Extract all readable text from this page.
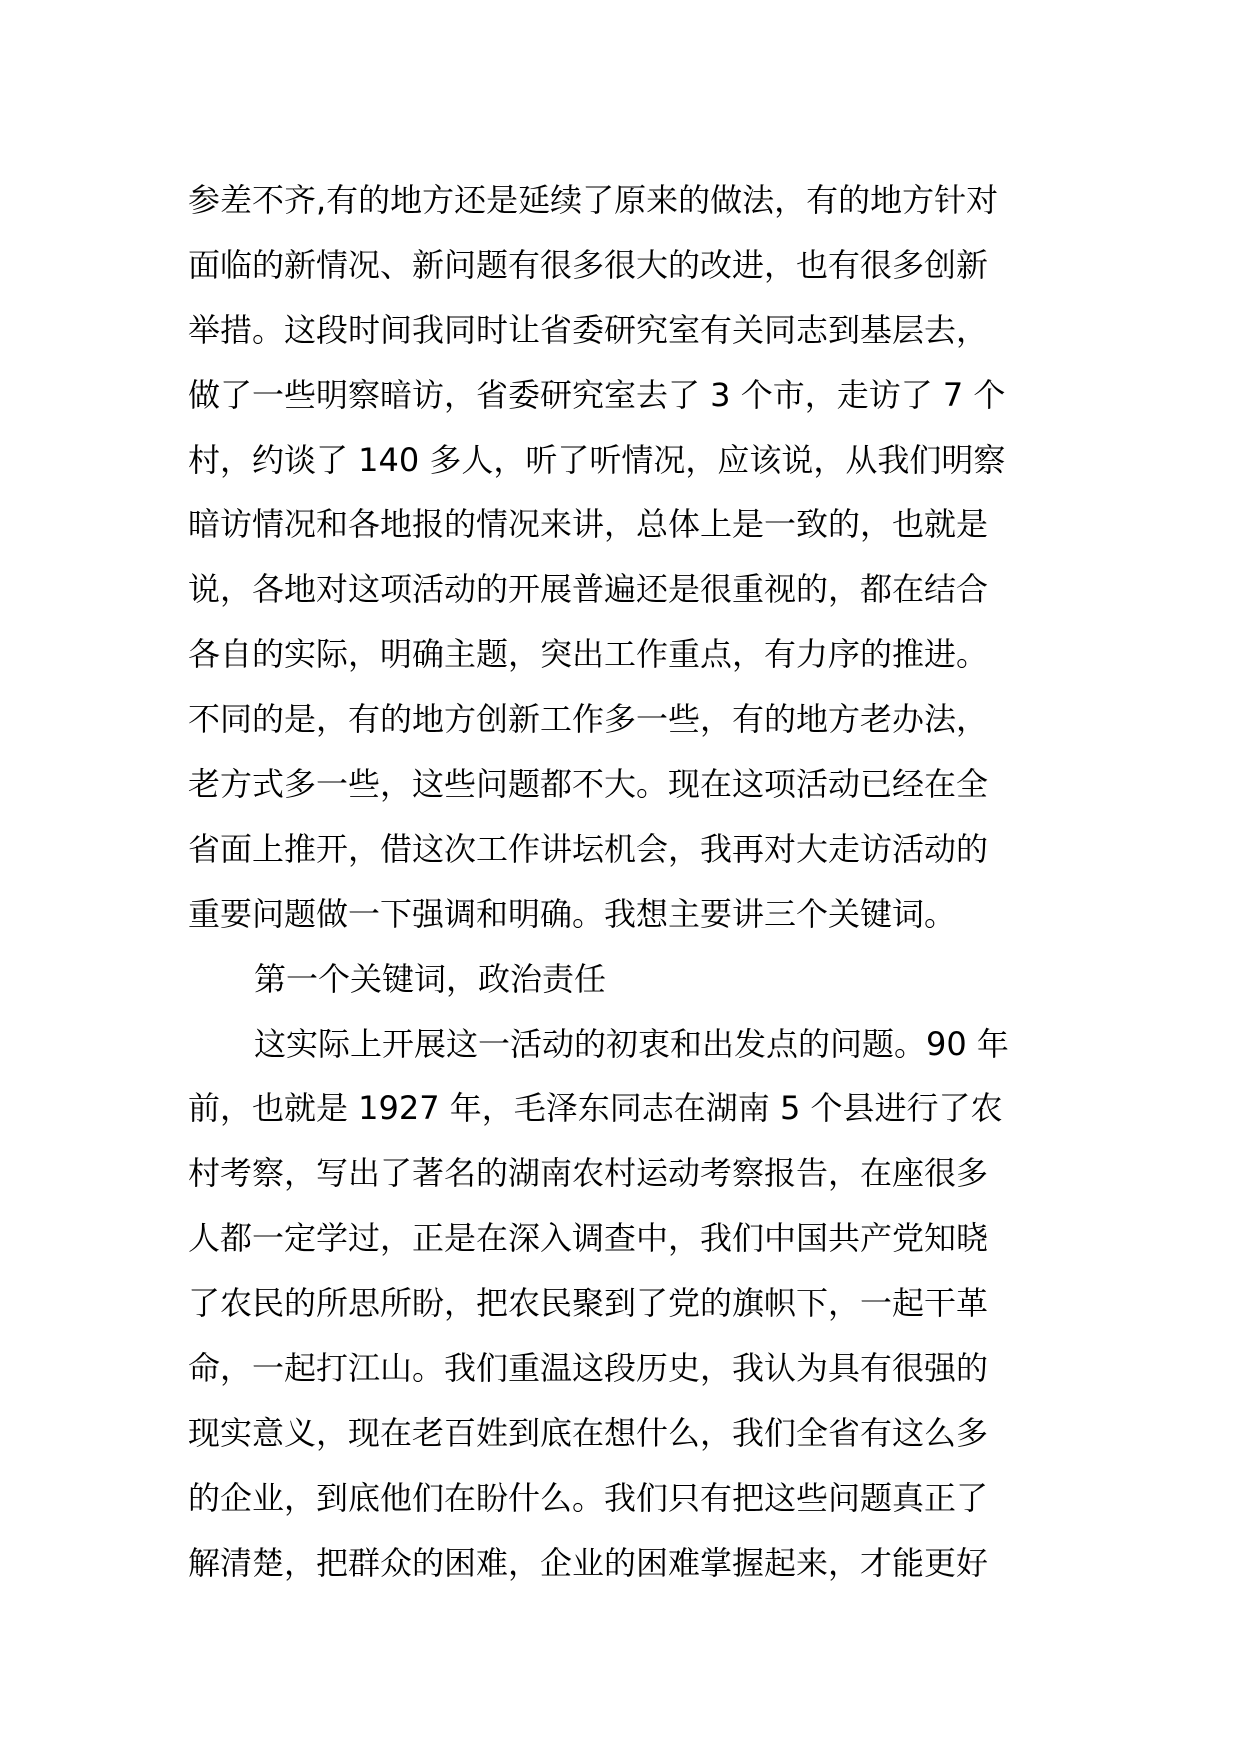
参差不齐,有的地方还是延续了原来的做法，有的地方针对
面临的新情况、新问题有很多很大的改进，也有很多创新
举措。这段时间我同时让省委研究室有关同志到基层去，
做了一些明察暗访，省委研究室去了 3 个市，走访了 7 个
村，约谈了 140 多人，听了听情况，应该说，从我们明察
暗访情况和各地报的情况来讲，总体上是一致的，也就是
说，各地对这项活动的开展普遍还是很重视的，都在结合
各自的实际，明确主题，突出工作重点，有力序的推进。
不同的是，有的地方创新工作多一些，有的地方老办法，
老方式多一些，这些问题都不大。现在这项活动已经在全
省面上推开，借这次工作讲坛机会，我再对大走访活动的
重要问题做一下强调和明确。我想主要讲三个关键词。
第一个关键词，政治责任
这实际上开展这一活动的初衷和出发点的问题。90 年
前，也就是 1927 年，毛泽东同志在湖南 5 个县进行了农
村考察，写出了著名的湖南农村运动考察报告，在座很多
人都一定学过，正是在深入调查中，我们中国共产党知晓
了农民的所思所盼，把农民聚到了党的旗帜下，一起干革
命，一起打江山。我们重温这段历史，我认为具有很强的
现实意义，现在老百姓到底在想什么，我们全省有这么多
的企业，到底他们在盼什么。我们只有把这些问题真正了
解清楚，把群众的困难，企业的困难掌握起来，才能更好
